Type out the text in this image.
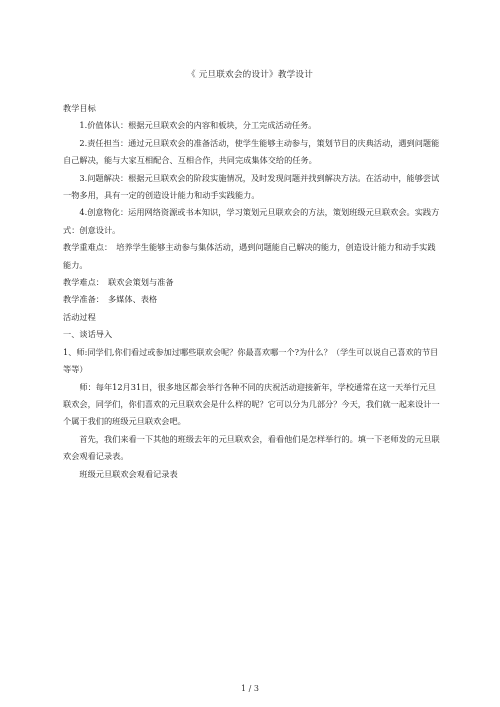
《 元旦联欢会的设计》教学设计

教学目标

1.价值体认：根据元旦联欢会的内容和板块，分工完成活动任务。

2.责任担当：通过元旦联欢会的准备活动，使学生能够主动参与，策划节目的庆典活动，遇到问题能自己解决，能与大家互相配合、互相合作，共同完成集体交给的任务。

3.问题解决：根据元旦联欢会的阶段实施情况，及时发现问题并找到解决方法。在活动中，能够尝试一物多用，具有一定的创造设计能力和动手实践能力。

4.创意物化：运用网络资源或书本知识，学习策划元旦联欢会的方法，策划班级元旦联欢会。实践方式：创意设计。

教学重难点：　培养学生能够主动参与集体活动，遇到问题能自己解决的能力，创造设计能力和动手实践能力。

教学难点：　联欢会策划与准备

教学准备：　多媒体、表格

活动过程

一、谈话导入

1、师:同学们,你们看过或参加过哪些联欢会呢？你最喜欢哪一个?为什么？（学生可以说自己喜欢的节目等等）

师：每年12月31日，很多地区都会举行各种不同的庆祝活动迎接新年，学校通常在这一天举行元旦联欢会，同学们，你们喜欢的元旦联欢会是什么样的呢？它可以分为几部分？今天，我们就一起来设计一个属于我们的班级元旦联欢会吧。

首先，我们来看一下其他的班级去年的元旦联欢会，看看他们是怎样举行的。填一下老师发的元旦联欢会观看记录表。

班级元旦联欢会观看记录表

1 / 3
